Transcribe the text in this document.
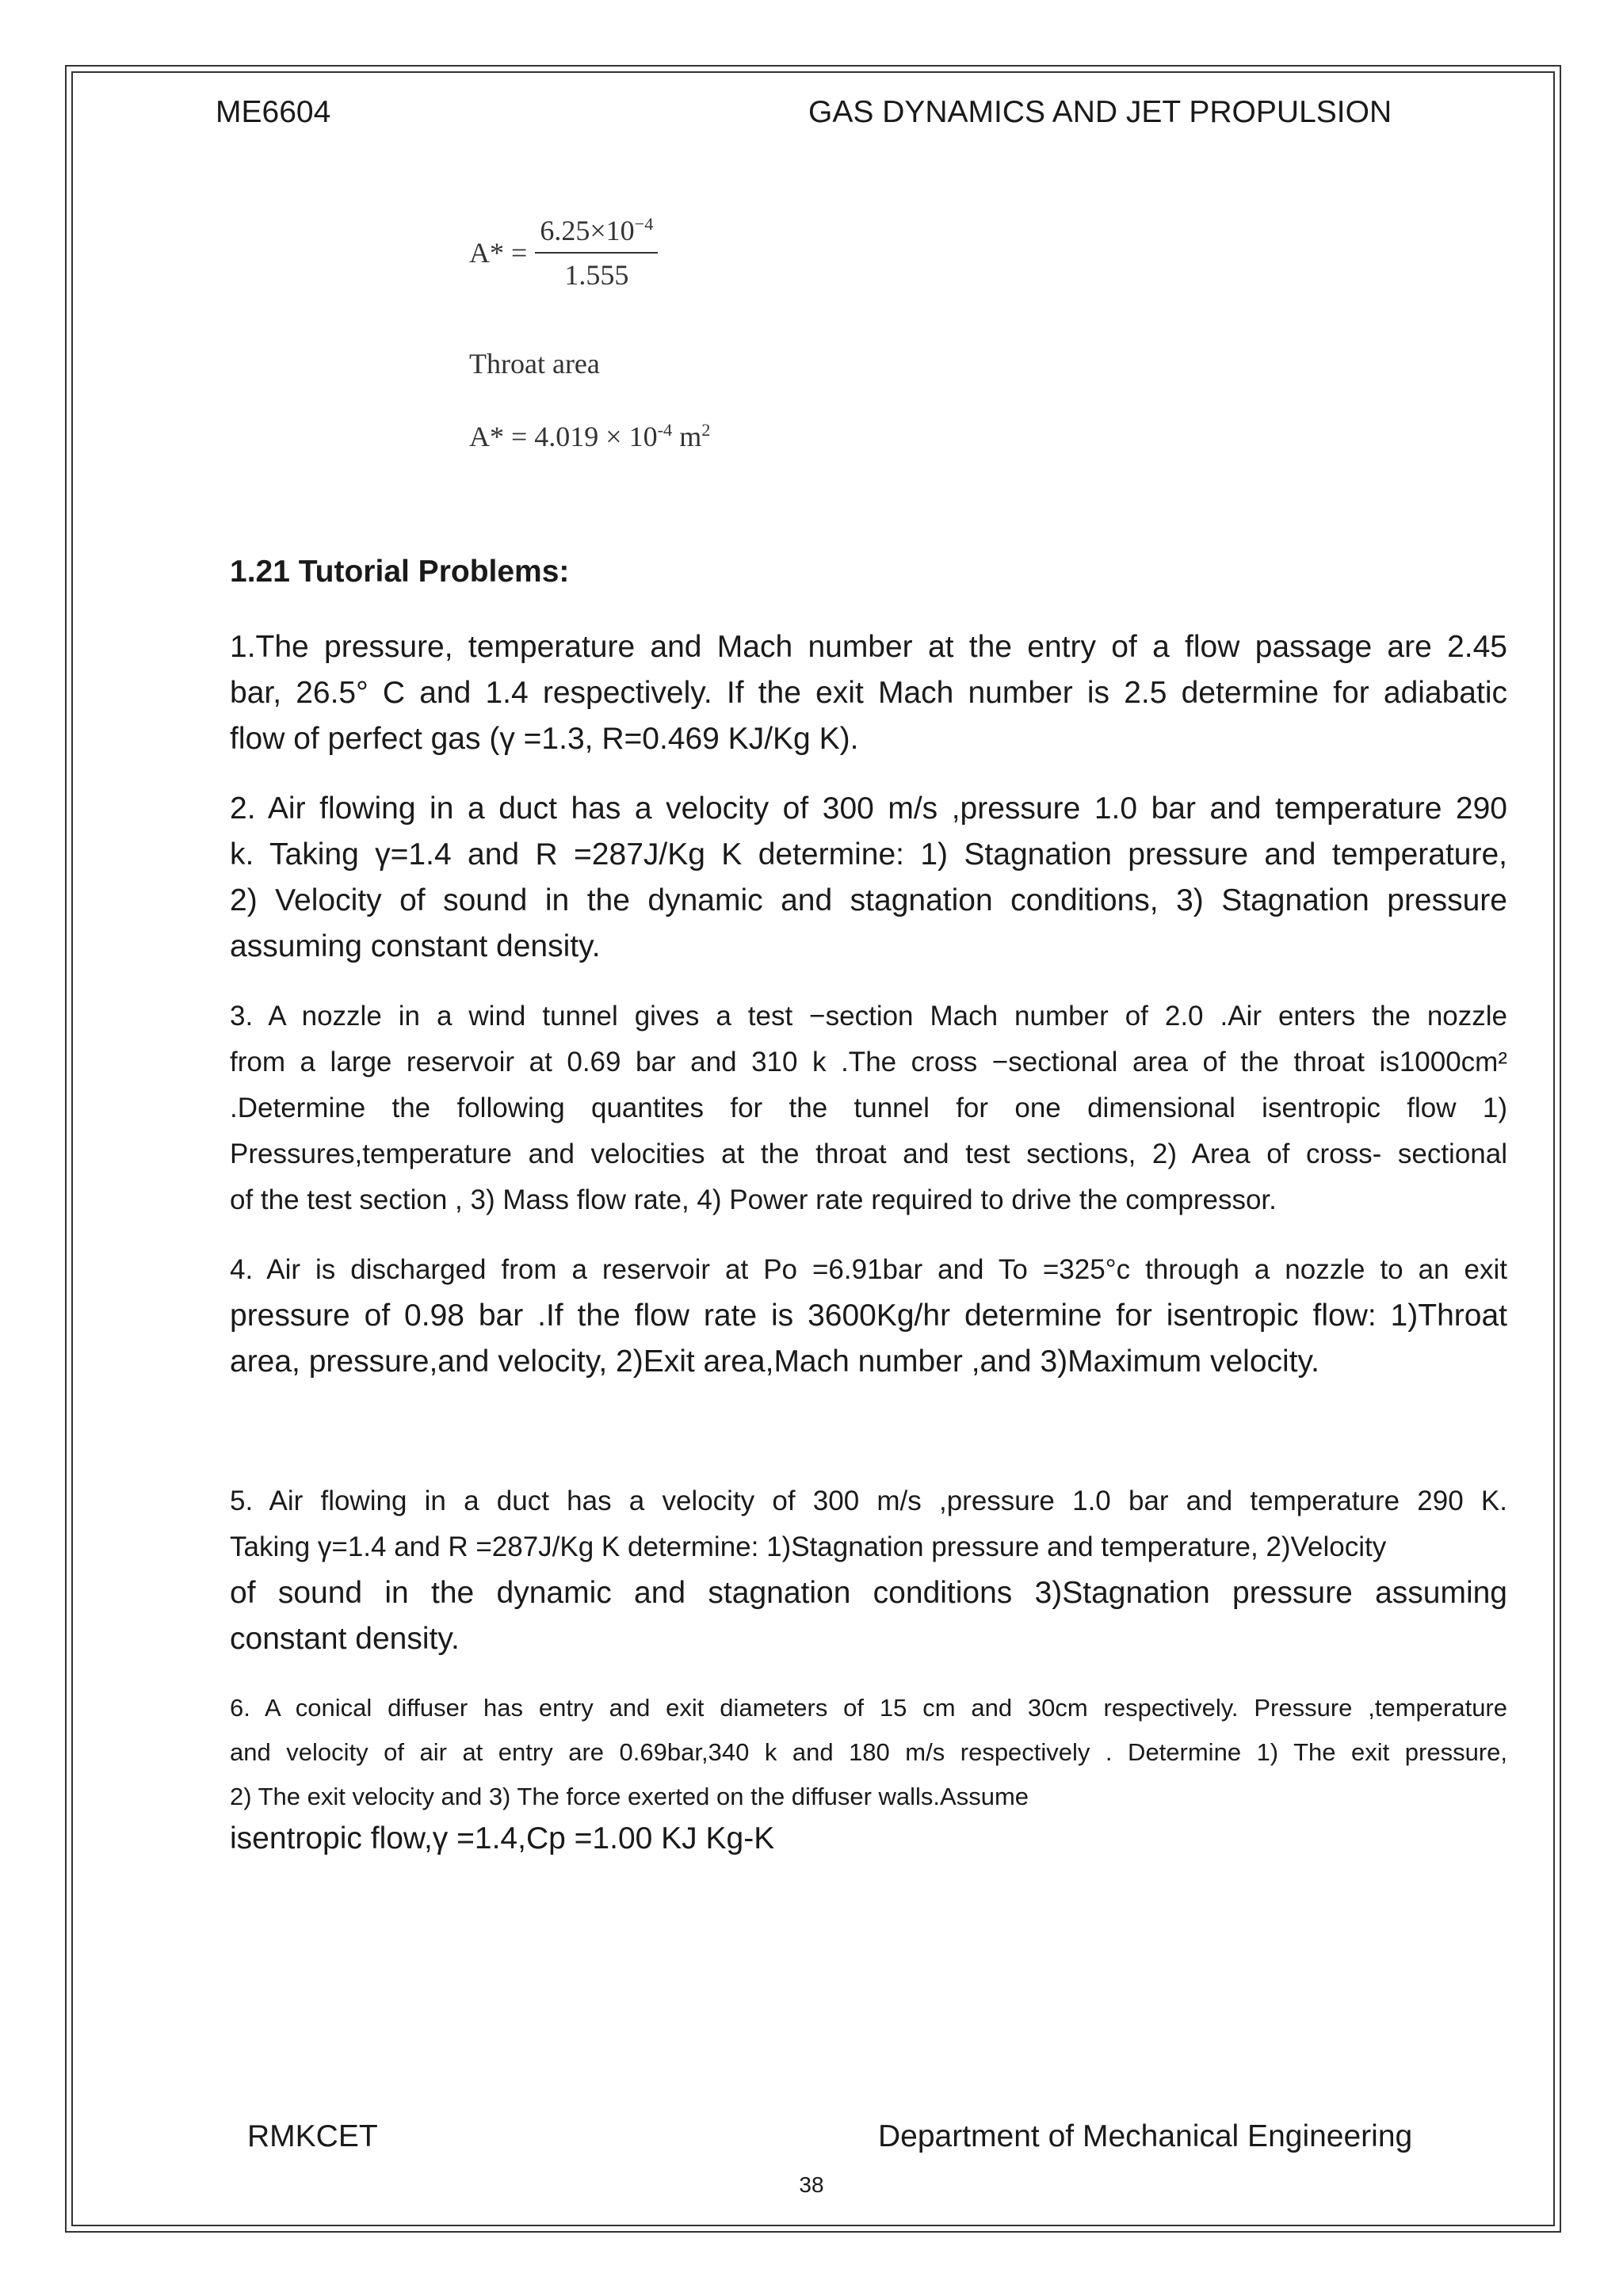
ME6604	GAS DYNAMICS AND JET PROPULSION
$A* = \frac{6.25\times 10^{-4}}{1.555}$
Throat area
$A* = 4.019 \times 10^{-4}$ $m^2$
1.21 Tutorial Problems:
1.The pressure, temperature and Mach number at the entry of a flow passage are 2.45
bar, 26.5° C and 1.4 respectively. If the exit Mach number is 2.5 determine for adiabatic
flow of perfect gas (γ =1.3, R=0.469 KJ/Kg K).
2. Air flowing in a duct has a velocity of 300 m/s ,pressure 1.0 bar and temperature 290
k. Taking γ=1.4 and R =287J/Kg K determine: 1) Stagnation pressure and temperature,
2) Velocity of sound in the dynamic and stagnation conditions, 3) Stagnation pressure
assuming constant density.
3. A nozzle in a wind tunnel gives a test −section Mach number of 2.0 .Air enters the nozzle
from a large reservoir at 0.69 bar and 310 k .The cross −sectional area of the throat is1000cm²
.Determine the following quantites for the tunnel for one dimensional isentropic flow 1)
Pressures,temperature and velocities at the throat and test sections, 2) Area of cross- sectional
of the test section , 3) Mass flow rate, 4) Power rate required to drive the compressor.
4. Air is discharged from a reservoir at Po =6.91bar and To =325°c through a nozzle to an exit
pressure of 0.98 bar .If the flow rate is 3600Kg/hr determine for isentropic flow: 1)Throat
area, pressure,and velocity, 2)Exit area,Mach number ,and 3)Maximum velocity.
5. Air flowing in a duct has a velocity of 300 m/s ,pressure 1.0 bar and temperature 290 K.
Taking γ=1.4 and R =287J/Kg K determine: 1)Stagnation pressure and temperature, 2)Velocity
of sound in the dynamic and stagnation conditions 3)Stagnation pressure assuming
constant density.
6. A conical diffuser has entry and exit diameters of 15 cm and 30cm respectively. Pressure ,temperature
and velocity of air at entry are 0.69bar,340 k and 180 m/s respectively . Determine 1) The exit pressure,
2) The exit velocity and 3) The force exerted on the diffuser walls.Assume
isentropic flow,γ =1.4,Cp =1.00 KJ Kg-K
RMKCET	Department of Mechanical Engineering
38
